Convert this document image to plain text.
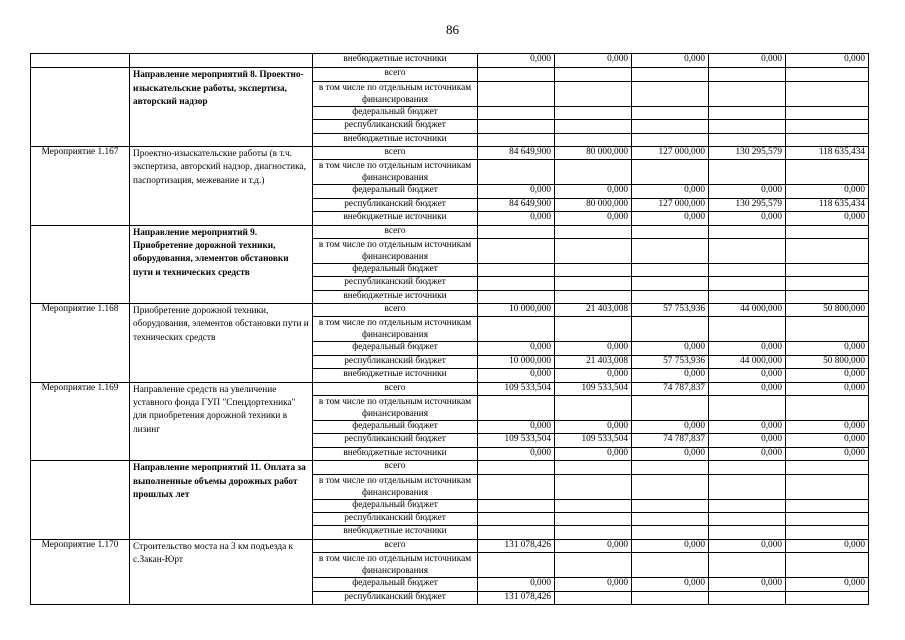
86
		внебюджетные источники	0,000	0,000	0,000	0,000	0,000
	Направление мероприятий 8. Проектно-изыскательские работы, экспертиза, авторский надзор	всего					
		в том числе по отдельным источникам финансирования					
		федеральный бюджет					
		республиканский бюджет					
		внебюджетные источники					
Мероприятие 1.167	Проектно-изыскательские работы (в т.ч. экспертиза, авторский надзор, диагностика, паспортизация, межевание и т.д.)	всего	84 649,900	80 000,000	127 000,000	130 295,579	118 635,434
		в том числе по отдельным источникам финансирования					
		федеральный бюджет	0,000	0,000	0,000	0,000	0,000
		республиканский бюджет	84 649,900	80 000,000	127 000,000	130 295,579	118 635,434
		внебюджетные источники	0,000	0,000	0,000	0,000	0,000
	Направление мероприятий 9. Приобретение дорожной техники, оборудования, элементов обстановки пути и технических средств	всего					
		в том числе по отдельным источникам финансирования					
		федеральный бюджет					
		республиканский бюджет					
		внебюджетные источники					
Мероприятие 1.168	Приобретение дорожной техники, оборудования, элементов обстановки пути и технических средств	всего	10 000,000	21 403,008	57 753,936	44 000,000	50 800,000
		в том числе по отдельным источникам финансирования					
		федеральный бюджет	0,000	0,000	0,000	0,000	0,000
		республиканский бюджет	10 000,000	21 403,008	57 753,936	44 000,000	50 800,000
		внебюджетные источники	0,000	0,000	0,000	0,000	0,000
Мероприятие 1.169	Направление средств на увеличение уставного фонда ГУП "Спецдортехника" для приобретения дорожной техники в лизинг	всего	109 533,504	109 533,504	74 787,837	0,000	0,000
		в том числе по отдельным источникам финансирования					
		федеральный бюджет	0,000	0,000	0,000	0,000	0,000
		республиканский бюджет	109 533,504	109 533,504	74 787,837	0,000	0,000
		внебюджетные источники	0,000	0,000	0,000	0,000	0,000
	Направление мероприятий 11. Оплата за выполненные объемы дорожных работ прошлых лет	всего					
		в том числе по отдельным источникам финансирования					
		федеральный бюджет					
		республиканский бюджет					
		внебюджетные источники					
Мероприятие 1.170	Строительство моста на 3 км подъезда к с.Закан-Юрт	всего	131 078,426	0,000	0,000	0,000	0,000
		в том числе по отдельным источникам финансирования					
		федеральный бюджет	0,000	0,000	0,000	0,000	0,000
		республиканский бюджет	131 078,426				
